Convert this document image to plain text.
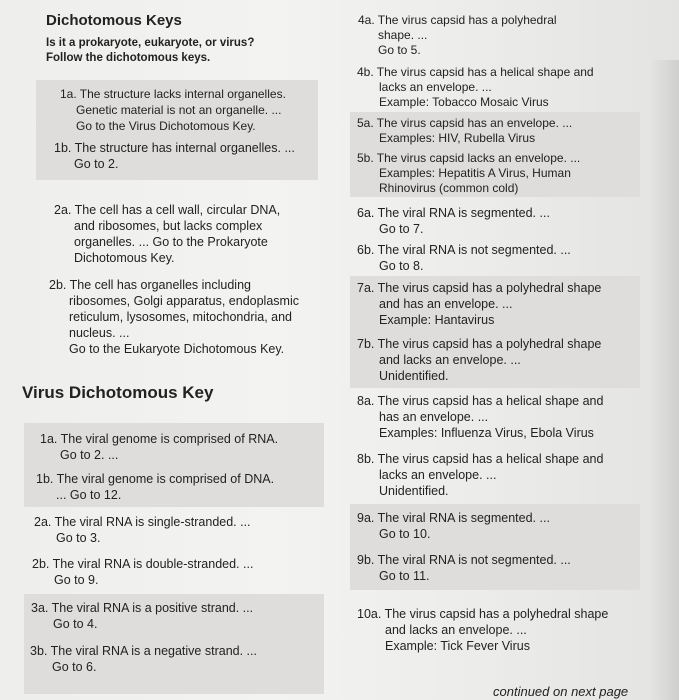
Dichotomous Keys
Is it a prokaryote, eukaryote, or virus?
Follow the dichotomous keys.
1a. The structure lacks internal organelles.
Genetic material is not an organelle. ...
Go to the Virus Dichotomous Key.
1b. The structure has internal organelles. ...
Go to 2.
2a. The cell has a cell wall, circular DNA,
and ribosomes, but lacks complex
organelles. ... Go to the Prokaryote
Dichotomous Key.
2b. The cell has organelles including
ribosomes, Golgi apparatus, endoplasmic
reticulum, lysosomes, mitochondria, and
nucleus. ...
Go to the Eukaryote Dichotomous Key.
Virus Dichotomous Key
1a. The viral genome is comprised of RNA.
Go to 2. ...
1b. The viral genome is comprised of DNA.
... Go to 12.
2a. The viral RNA is single-stranded. ...
Go to 3.
2b. The viral RNA is double-stranded. ...
Go to 9.
3a. The viral RNA is a positive strand. ...
Go to 4.
3b. The viral RNA is a negative strand. ...
Go to 6.
4a. The virus capsid has a polyhedral
shape. ...
Go to 5.
4b. The virus capsid has a helical shape and
lacks an envelope. ...
Example: Tobacco Mosaic Virus
5a. The virus capsid has an envelope. ...
Examples: HIV, Rubella Virus
5b. The virus capsid lacks an envelope. ...
Examples: Hepatitis A Virus, Human
Rhinovirus (common cold)
6a. The viral RNA is segmented. ...
Go to 7.
6b. The viral RNA is not segmented. ...
Go to 8.
7a. The virus capsid has a polyhedral shape
and has an envelope. ...
Example: Hantavirus
7b. The virus capsid has a polyhedral shape
and lacks an envelope. ...
Unidentified.
8a. The virus capsid has a helical shape and
has an envelope. ...
Examples: Influenza Virus, Ebola Virus
8b. The virus capsid has a helical shape and
lacks an envelope. ...
Unidentified.
9a. The viral RNA is segmented. ...
Go to 10.
9b. The viral RNA is not segmented. ...
Go to 11.
10a. The virus capsid has a polyhedral shape
and lacks an envelope. ...
Example: Tick Fever Virus
continued on next page
